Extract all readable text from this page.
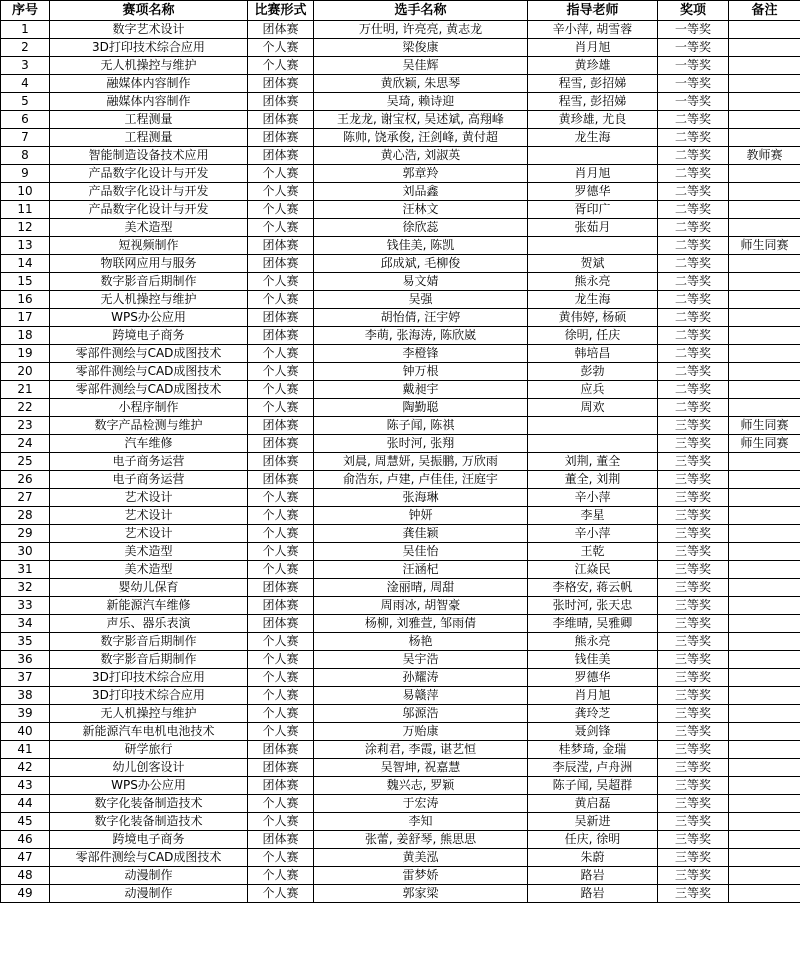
序号	赛项名称	比赛形式	选手名称	指导老师	奖项	备注
1	数字艺术设计	团体赛	万仕明, 许亮亮, 黄志龙	辛小萍, 胡雪蓉	一等奖	
2	3D打印技术综合应用	个人赛	梁俊康	肖月旭	一等奖	
3	无人机操控与维护	个人赛	吴佳辉	黄珍雄	一等奖	
4	融媒体内容制作	团体赛	黄欣颖, 朱思琴	程雪, 彭招娣	一等奖	
5	融媒体内容制作	团体赛	吴琦, 赖诗迎	程雪, 彭招娣	一等奖	
6	工程测量	团体赛	王龙龙, 谢宝权, 吴述斌, 高翔峰	黄珍雄, 尤良	二等奖	
7	工程测量	团体赛	陈帅, 饶承俊, 汪剑峰, 黄付超	龙生海	二等奖	
8	智能制造设备技术应用	团体赛	黄心浩, 刘淑英		二等奖	教师赛
9	产品数字化设计与开发	个人赛	郭章羚	肖月旭	二等奖	
10	产品数字化设计与开发	个人赛	刘品鑫	罗德华	二等奖	
11	产品数字化设计与开发	个人赛	汪林文	胥印广	二等奖	
12	美术造型	个人赛	徐欣蕊	张茹月	二等奖	
13	短视频制作	团体赛	钱佳美, 陈凯		二等奖	师生同赛
14	物联网应用与服务	团体赛	邱成斌, 毛柳俊	贺斌	二等奖	
15	数字影音后期制作	个人赛	易文婧	熊永亮	二等奖	
16	无人机操控与维护	个人赛	吴强	龙生海	二等奖	
17	WPS办公应用	团体赛	胡怡倩, 汪宇婷	黄伟婷, 杨硕	二等奖	
18	跨境电子商务	团体赛	李萌, 张海涛, 陈欣崴	徐明, 任庆	二等奖	
19	零部件测绘与CAD成图技术	个人赛	李橙锋	韩培昌	二等奖	
20	零部件测绘与CAD成图技术	个人赛	钟万根	彭勃	二等奖	
21	零部件测绘与CAD成图技术	个人赛	戴昶宇	应兵	二等奖	
22	小程序制作	个人赛	陶勤聪	周欢	二等奖	
23	数字产品检测与维护	团体赛	陈子闻, 陈祺		三等奖	师生同赛
24	汽车维修	团体赛	张时河, 张翔		三等奖	师生同赛
25	电子商务运营	团体赛	刘晨, 周慧妍, 吴振鹏, 万欣雨	刘荆, 董全	三等奖	
26	电子商务运营	团体赛	俞浩东, 卢建, 卢佳佳, 汪庭宇	董全, 刘荆	三等奖	
27	艺术设计	个人赛	张海琳	辛小萍	三等奖	
28	艺术设计	个人赛	钟妍	李星	三等奖	
29	艺术设计	个人赛	龚佳颖	辛小萍	三等奖	
30	美术造型	个人赛	吴佳怡	王乾	三等奖	
31	美术造型	个人赛	汪涵杞	江焱民	三等奖	
32	婴幼儿保育	团体赛	淦丽晴, 周甜	李格安, 蒋云帆	三等奖	
33	新能源汽车维修	团体赛	周雨冰, 胡智豪	张时河, 张天忠	三等奖	
34	声乐、器乐表演	团体赛	杨柳, 刘雅萱, 邹雨倩	李维晴, 吴雅卿	三等奖	
35	数字影音后期制作	个人赛	杨艳	熊永亮	三等奖	
36	数字影音后期制作	个人赛	吴宇浩	钱佳美	三等奖	
37	3D打印技术综合应用	个人赛	孙耀涛	罗德华	三等奖	
38	3D打印技术综合应用	个人赛	易赣萍	肖月旭	三等奖	
39	无人机操控与维护	个人赛	邬源浩	龚玲芝	三等奖	
40	新能源汽车电机电池技术	个人赛	万贻康	聂剑锋	三等奖	
41	研学旅行	团体赛	涂莉君, 李霞, 谌艺恒	桂梦琦, 金瑞	三等奖	
42	幼儿创客设计	团体赛	吴智坤, 祝嘉慧	李辰滢, 卢舟洲	三等奖	
43	WPS办公应用	团体赛	魏兴志, 罗颖	陈子闻, 吴超群	三等奖	
44	数字化装备制造技术	个人赛	于宏涛	黄启磊	三等奖	
45	数字化装备制造技术	个人赛	李知	吴新进	三等奖	
46	跨境电子商务	团体赛	张蕾, 姜舒琴, 熊思思	任庆, 徐明	三等奖	
47	零部件测绘与CAD成图技术	个人赛	黄美泓	朱蔚	三等奖	
48	动漫制作	个人赛	雷梦娇	路岩	三等奖	
49	动漫制作	个人赛	郭家梁	路岩	三等奖	
